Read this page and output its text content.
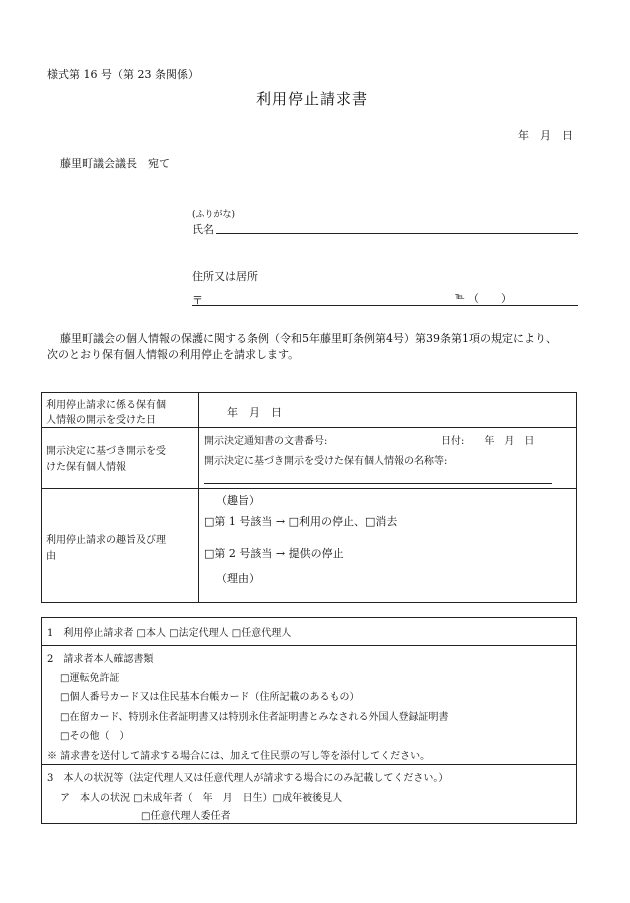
様式第 16 号（第 23 条関係）
利用停止請求書
年　月　日
藤里町議会議長　宛て
(ふりがな)
氏名
住所又は居所
〒	℡ （　　）
藤里町議会の個人情報の保護に関する条例（令和5年藤里町条例第4号）第39条第1項の規定により、
次のとおり保有個人情報の利用停止を請求します。
利用停止請求に係る保有個
人情報の開示を受けた日
年　月　日
開示決定に基づき開示を受
けた保有個人情報
開示決定通知書の文書番号:	日付:　　年　月　日
開示決定に基づき開示を受けた保有個人情報の名称等:
利用停止請求の趣旨及び理
由
（趣旨）
□第 1 号該当 → □利用の停止、□消去
□第 2 号該当 → 提供の停止
（理由）
1　利用停止請求者 □本人 □法定代理人 □任意代理人
2　請求者本人確認書類
□運転免許証
□個人番号カード又は住民基本台帳カード（住所記載のあるもの）
□在留カード、特別永住者証明書又は特別永住者証明書とみなされる外国人登録証明書
□その他（　）
※ 請求書を送付して請求する場合には、加えて住民票の写し等を添付してください。
3　本人の状況等（法定代理人又は任意代理人が請求する場合にのみ記載してください。）
ア　本人の状況 □未成年者（　年　月　日生）□成年被後見人
□任意代理人委任者
